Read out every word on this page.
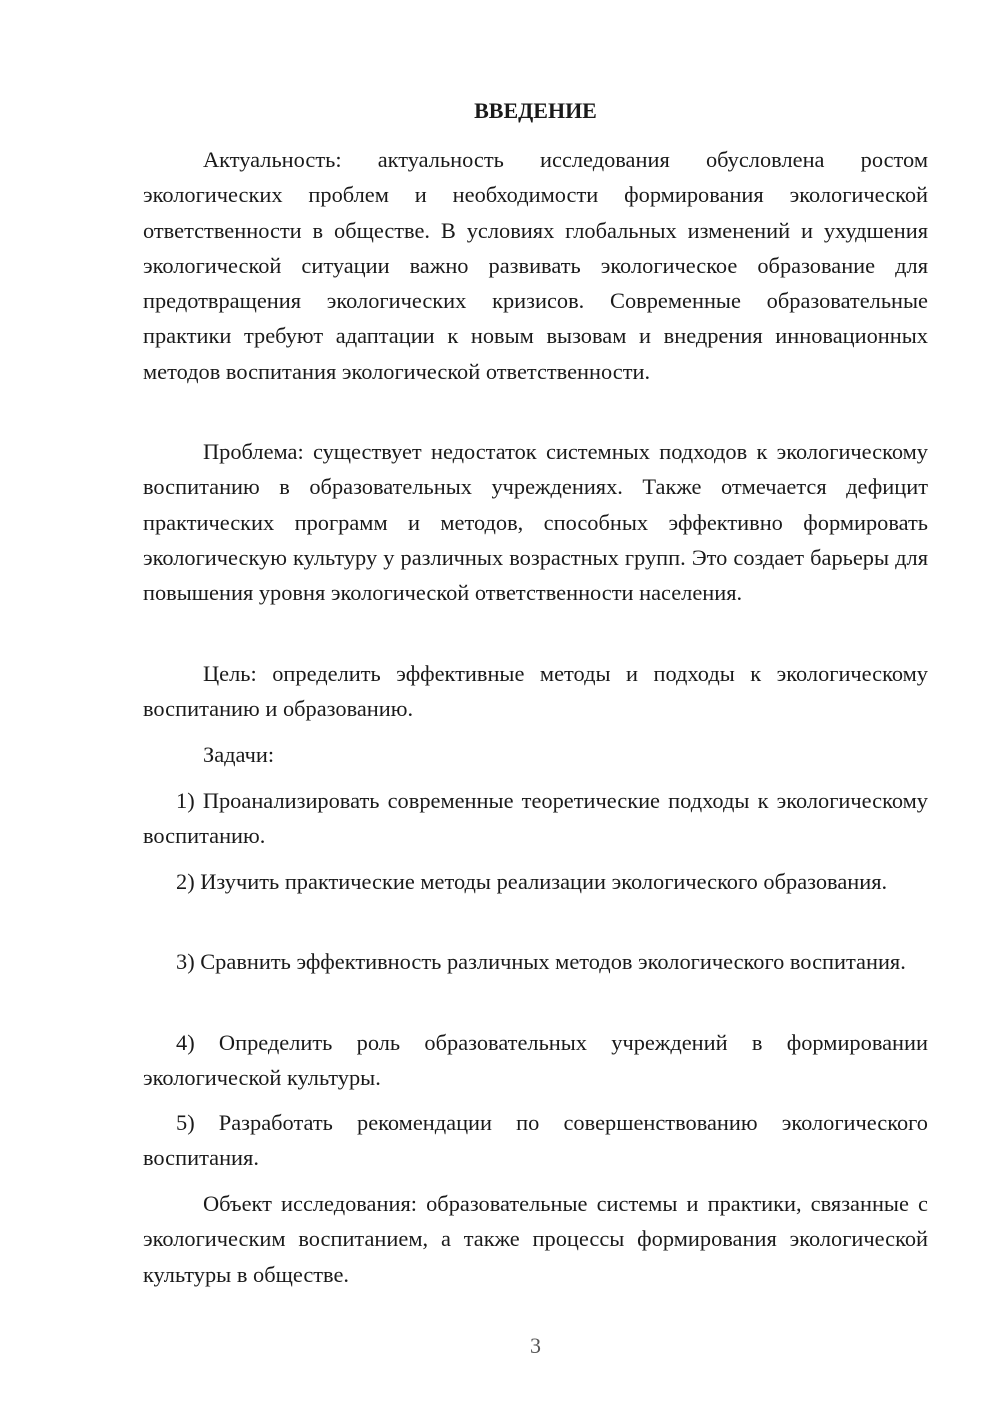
ВВЕДЕНИЕ

Актуальность: актуальность исследования обусловлена ростом экологических проблем и необходимости формирования экологической ответственности в обществе. В условиях глобальных изменений и ухудшения экологической ситуации важно развивать экологическое образование для предотвращения экологических кризисов. Современные образовательные практики требуют адаптации к новым вызовам и внедрения инновационных методов воспитания экологической ответственности.

Проблема: существует недостаток системных подходов к экологическому воспитанию в образовательных учреждениях. Также отмечается дефицит практических программ и методов, способных эффективно формировать экологическую культуру у различных возрастных групп. Это создает барьеры для повышения уровня экологической ответственности населения.

Цель: определить эффективные методы и подходы к экологическому воспитанию и образованию.

Задачи:

1) Проанализировать современные теоретические подходы к экологическому воспитанию.

2) Изучить практические методы реализации экологического образования.

3) Сравнить эффективность различных методов экологического воспитания.

4) Определить роль образовательных учреждений в формировании экологической культуры.

5) Разработать рекомендации по совершенствованию экологического воспитания.

Объект исследования: образовательные системы и практики, связанные с экологическим воспитанием, а также процессы формирования экологической культуры в обществе.

3
